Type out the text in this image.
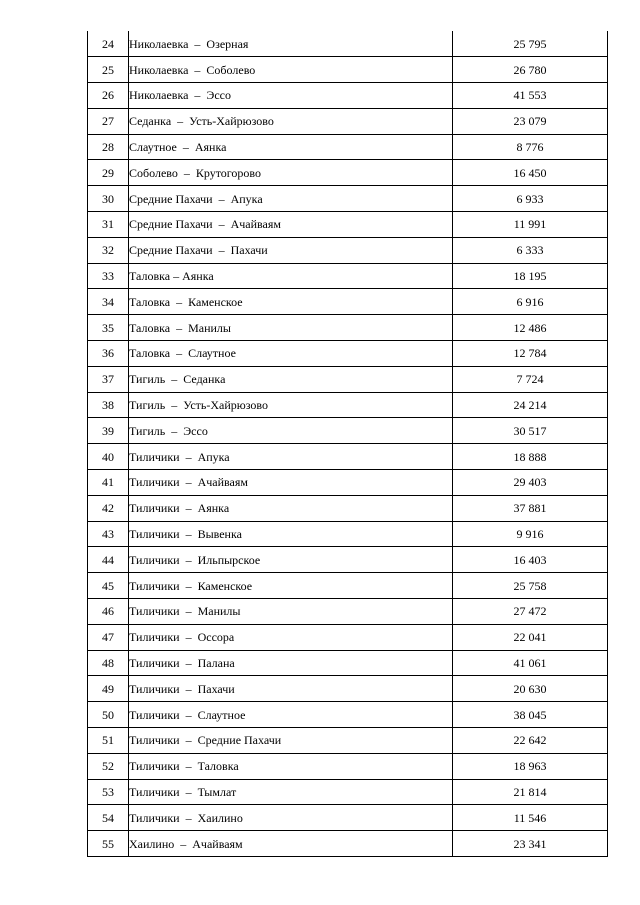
24	Николаевка  –  Озерная	25 795
25	Николаевка  –  Соболево	26 780
26	Николаевка  –  Эссо	41 553
27	Седанка  –  Усть-Хайрюзово	23 079
28	Слаутное  –  Аянка	8 776
29	Соболево  –  Крутогорово	16 450
30	Средние Пахачи  –  Апука	6 933
31	Средние Пахачи  –  Ачайваям	11 991
32	Средние Пахачи  –  Пахачи	6 333
33	Таловка – Аянка	18 195
34	Таловка  –  Каменское	6 916
35	Таловка  –  Манилы	12 486
36	Таловка  –  Слаутное	12 784
37	Тигиль  –  Седанка	7 724
38	Тигиль  –  Усть-Хайрюзово	24 214
39	Тигиль  –  Эссо	30 517
40	Тиличики  –  Апука	18 888
41	Тиличики  –  Ачайваям	29 403
42	Тиличики  –  Аянка	37 881
43	Тиличики  –  Вывенка	9 916
44	Тиличики  –  Ильпырское	16 403
45	Тиличики  –  Каменское	25 758
46	Тиличики  –  Манилы	27 472
47	Тиличики  –  Оссора	22 041
48	Тиличики  –  Палана	41 061
49	Тиличики  –  Пахачи	20 630
50	Тиличики  –  Слаутное	38 045
51	Тиличики  –  Средние Пахачи	22 642
52	Тиличики  –  Таловка	18 963
53	Тиличики  –  Тымлат	21 814
54	Тиличики  –  Хаилино	11 546
55	Хаилино  –  Ачайваям	23 341
